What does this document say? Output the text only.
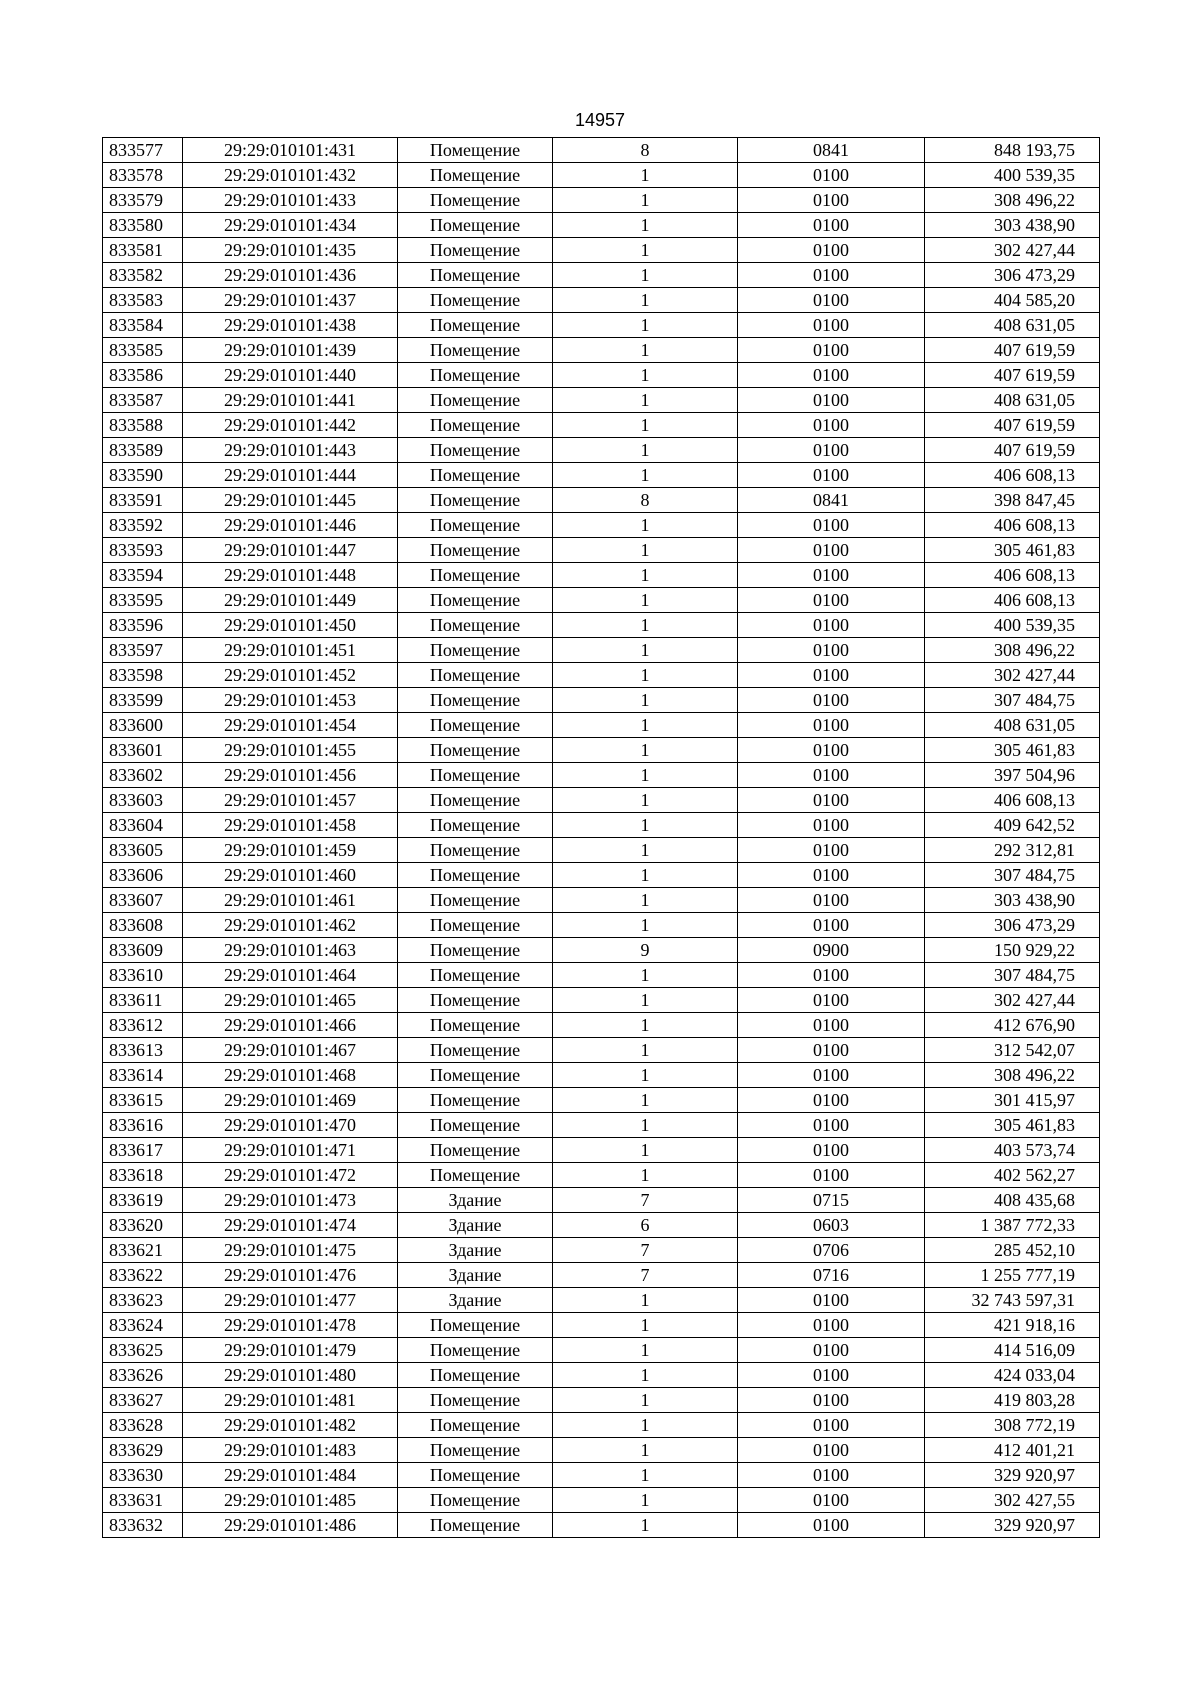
14957
833577	29:29:010101:431	Помещение	8	0841	848 193,75
833578	29:29:010101:432	Помещение	1	0100	400 539,35
833579	29:29:010101:433	Помещение	1	0100	308 496,22
833580	29:29:010101:434	Помещение	1	0100	303 438,90
833581	29:29:010101:435	Помещение	1	0100	302 427,44
833582	29:29:010101:436	Помещение	1	0100	306 473,29
833583	29:29:010101:437	Помещение	1	0100	404 585,20
833584	29:29:010101:438	Помещение	1	0100	408 631,05
833585	29:29:010101:439	Помещение	1	0100	407 619,59
833586	29:29:010101:440	Помещение	1	0100	407 619,59
833587	29:29:010101:441	Помещение	1	0100	408 631,05
833588	29:29:010101:442	Помещение	1	0100	407 619,59
833589	29:29:010101:443	Помещение	1	0100	407 619,59
833590	29:29:010101:444	Помещение	1	0100	406 608,13
833591	29:29:010101:445	Помещение	8	0841	398 847,45
833592	29:29:010101:446	Помещение	1	0100	406 608,13
833593	29:29:010101:447	Помещение	1	0100	305 461,83
833594	29:29:010101:448	Помещение	1	0100	406 608,13
833595	29:29:010101:449	Помещение	1	0100	406 608,13
833596	29:29:010101:450	Помещение	1	0100	400 539,35
833597	29:29:010101:451	Помещение	1	0100	308 496,22
833598	29:29:010101:452	Помещение	1	0100	302 427,44
833599	29:29:010101:453	Помещение	1	0100	307 484,75
833600	29:29:010101:454	Помещение	1	0100	408 631,05
833601	29:29:010101:455	Помещение	1	0100	305 461,83
833602	29:29:010101:456	Помещение	1	0100	397 504,96
833603	29:29:010101:457	Помещение	1	0100	406 608,13
833604	29:29:010101:458	Помещение	1	0100	409 642,52
833605	29:29:010101:459	Помещение	1	0100	292 312,81
833606	29:29:010101:460	Помещение	1	0100	307 484,75
833607	29:29:010101:461	Помещение	1	0100	303 438,90
833608	29:29:010101:462	Помещение	1	0100	306 473,29
833609	29:29:010101:463	Помещение	9	0900	150 929,22
833610	29:29:010101:464	Помещение	1	0100	307 484,75
833611	29:29:010101:465	Помещение	1	0100	302 427,44
833612	29:29:010101:466	Помещение	1	0100	412 676,90
833613	29:29:010101:467	Помещение	1	0100	312 542,07
833614	29:29:010101:468	Помещение	1	0100	308 496,22
833615	29:29:010101:469	Помещение	1	0100	301 415,97
833616	29:29:010101:470	Помещение	1	0100	305 461,83
833617	29:29:010101:471	Помещение	1	0100	403 573,74
833618	29:29:010101:472	Помещение	1	0100	402 562,27
833619	29:29:010101:473	Здание	7	0715	408 435,68
833620	29:29:010101:474	Здание	6	0603	1 387 772,33
833621	29:29:010101:475	Здание	7	0706	285 452,10
833622	29:29:010101:476	Здание	7	0716	1 255 777,19
833623	29:29:010101:477	Здание	1	0100	32 743 597,31
833624	29:29:010101:478	Помещение	1	0100	421 918,16
833625	29:29:010101:479	Помещение	1	0100	414 516,09
833626	29:29:010101:480	Помещение	1	0100	424 033,04
833627	29:29:010101:481	Помещение	1	0100	419 803,28
833628	29:29:010101:482	Помещение	1	0100	308 772,19
833629	29:29:010101:483	Помещение	1	0100	412 401,21
833630	29:29:010101:484	Помещение	1	0100	329 920,97
833631	29:29:010101:485	Помещение	1	0100	302 427,55
833632	29:29:010101:486	Помещение	1	0100	329 920,97
